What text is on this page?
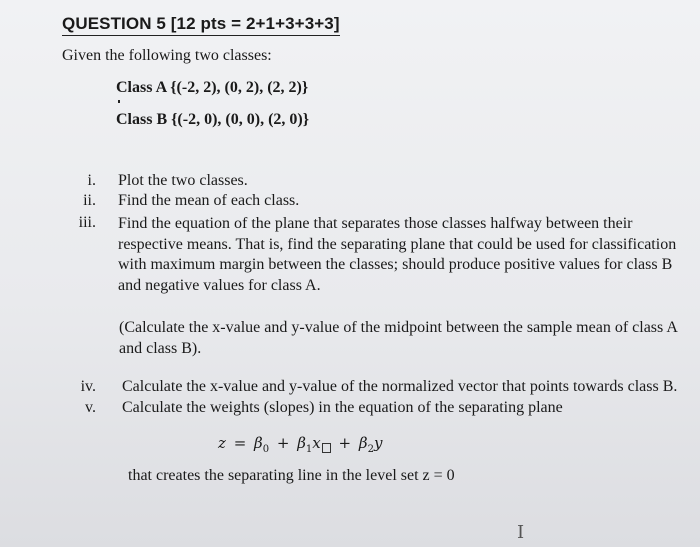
QUESTION 5 [12 pts = 2+1+3+3+3]
Given the following two classes:
Class A {(-2, 2), (0, 2), (2, 2)}
Class B {(-2, 0), (0, 0), (2, 0)}
i. Plot the two classes.
ii. Find the mean of each class.
iii. Find the equation of the plane that separates those classes halfway between their respective means. That is, find the separating plane that could be used for classification with maximum margin between the classes; should produce positive values for class B and negative values for class A.
(Calculate the x-value and y-value of the midpoint between the sample mean of class A and class B).
iv. Calculate the x-value and y-value of the normalized vector that points towards class B.
v. Calculate the weights (slopes) in the equation of the separating plane
$z = \beta_0 + \beta_1x + \beta_2y$
that creates the separating line in the level set z = 0
I
